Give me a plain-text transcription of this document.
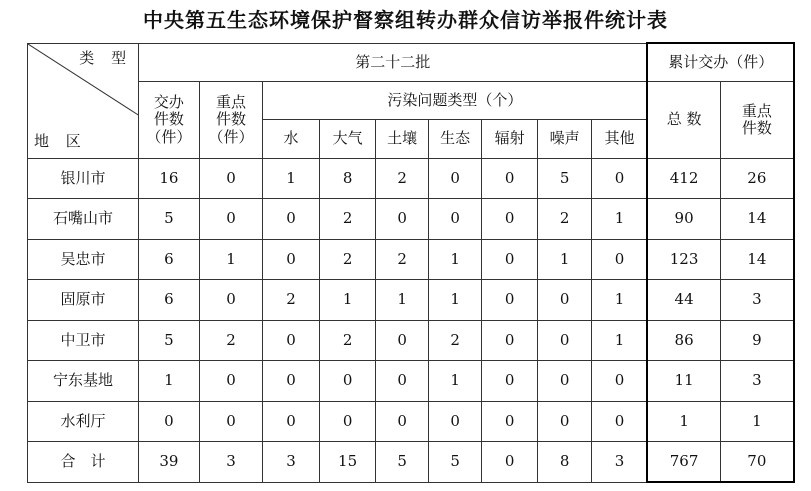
中央第五生态环境保护督察组转办群众信访举报件统计表
类 型
地 区	第二十二批									累计交办（件）	

	交办
件数
（件）	重点
件数
（件）	污染问题类型（个）							总 数	重点
件数

			水	大气	土壤	生态	辐射	噪声	其他		
银川市	16	0	1	8	2	0	0	5	0	412	26
石嘴山市	5	0	0	2	0	0	0	2	1	90	14
吴忠市	6	1	0	2	2	1	0	1	0	123	14
固原市	6	0	2	1	1	1	0	0	1	44	3
中卫市	5	2	0	2	0	2	0	0	1	86	9
宁东基地	1	0	0	0	0	1	0	0	0	11	3
水利厅	0	0	0	0	0	0	0	0	0	1	1
合　计	39	3	3	15	5	5	0	8	3	767	70
